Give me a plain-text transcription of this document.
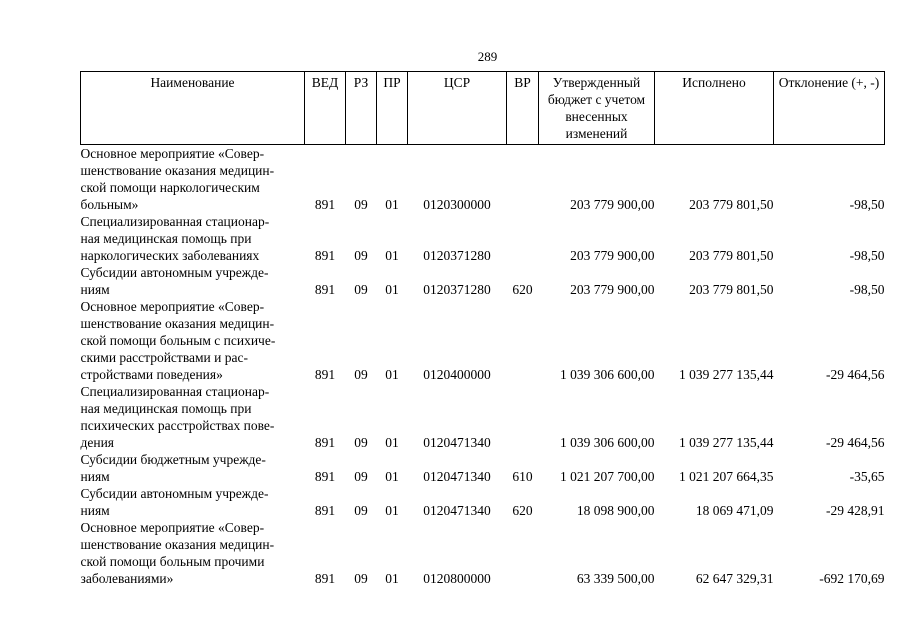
289
Наименование	ВЕД	РЗ	ПР	ЦСР	ВР	Утвержденный бюджет с учетом внесенных изменений	Исполнено	Отклонение (+, -)

Основное мероприятие «Совер-
шенствование оказания медицин-
ской помощи наркологическим
больным»	891	09	01	0120300000		203 779 900,00	203 779 801,50	-98,50

Специализированная стационар-
ная медицинская помощь при
наркологических заболеваниях	891	09	01	0120371280		203 779 900,00	203 779 801,50	-98,50

Субсидии автономным учрежде-
ниям	891	09	01	0120371280	620	203 779 900,00	203 779 801,50	-98,50

Основное мероприятие «Совер-
шенствование оказания медицин-
ской помощи больным с психиче-
скими расстройствами и рас-
стройствами поведения»	891	09	01	0120400000		1 039 306 600,00	1 039 277 135,44	-29 464,56

Специализированная стационар-
ная медицинская помощь при
психических расстройствах пове-
дения	891	09	01	0120471340		1 039 306 600,00	1 039 277 135,44	-29 464,56

Субсидии бюджетным учрежде-
ниям	891	09	01	0120471340	610	1 021 207 700,00	1 021 207 664,35	-35,65

Субсидии автономным учрежде-
ниям	891	09	01	0120471340	620	18 098 900,00	18 069 471,09	-29 428,91

Основное мероприятие «Совер-
шенствование оказания медицин-
ской помощи больным прочими
заболеваниями»	891	09	01	0120800000		63 339 500,00	62 647 329,31	-692 170,69
